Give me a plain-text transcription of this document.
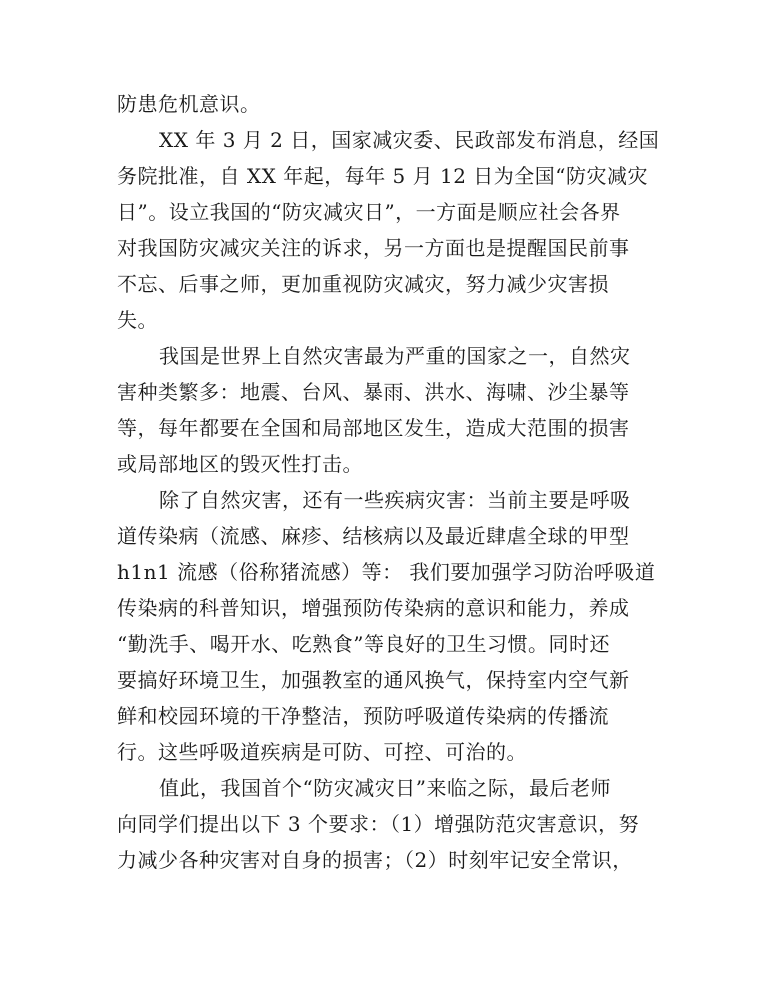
防患危机意识。
XX 年 3 月 2 日，国家减灾委、民政部发布消息，经国
务院批准，自 XX 年起，每年 5 月 12 日为全国“防灾减灾
日”。设立我国的“防灾减灾日”，一方面是顺应社会各界
对我国防灾减灾关注的诉求，另一方面也是提醒国民前事
不忘、后事之师，更加重视防灾减灾，努力减少灾害损
失。
我国是世界上自然灾害最为严重的国家之一，自然灾
害种类繁多：地震、台风、暴雨、洪水、海啸、沙尘暴等
等，每年都要在全国和局部地区发生，造成大范围的损害
或局部地区的毁灭性打击。
除了自然灾害，还有一些疾病灾害：当前主要是呼吸
道传染病（流感、麻疹、结核病以及最近肆虐全球的甲型
h1n1 流感（俗称猪流感）等： 我们要加强学习防治呼吸道
传染病的科普知识，增强预防传染病的意识和能力，养成
“勤洗手、喝开水、吃熟食”等良好的卫生习惯。同时还
要搞好环境卫生，加强教室的通风换气，保持室内空气新
鲜和校园环境的干净整洁，预防呼吸道传染病的传播流
行。这些呼吸道疾病是可防、可控、可治的。
值此，我国首个“防灾减灾日”来临之际，最后老师
向同学们提出以下 3 个要求：（1）增强防范灾害意识，努
力减少各种灾害对自身的损害；（2）时刻牢记安全常识，
